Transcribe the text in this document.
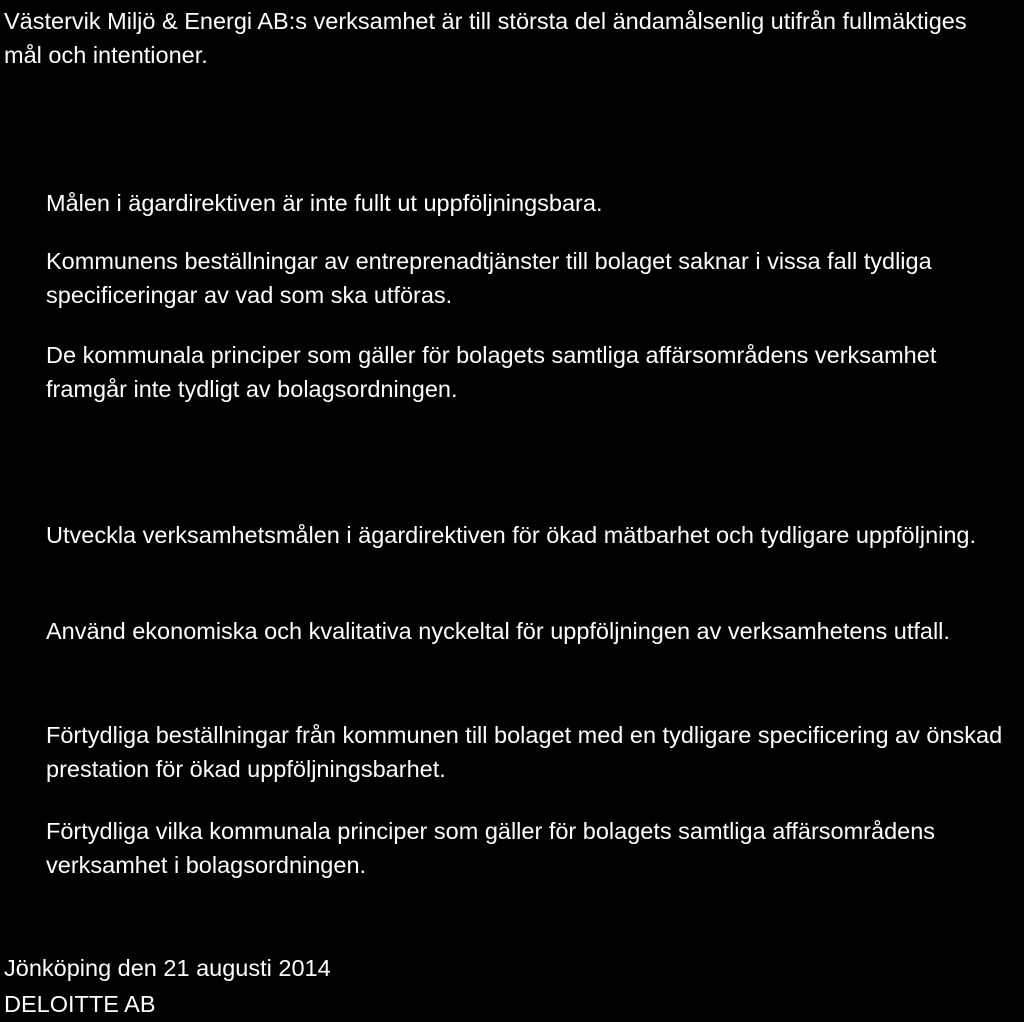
Västervik Miljö & Energi AB:s verksamhet är till största del ändamålsenlig utifrån fullmäktiges mål och intentioner.

Målen i ägardirektiven är inte fullt ut uppföljningsbara.

Kommunens beställningar av entreprenadtjänster till bolaget saknar i vissa fall tydliga specificeringar av vad som ska utföras.

De kommunala principer som gäller för bolagets samtliga affärsområdens verksamhet framgår inte tydligt av bolagsordningen.

Utveckla verksamhetsmålen i ägardirektiven för ökad mätbarhet och tydligare uppföljning.

Använd ekonomiska och kvalitativa nyckeltal för uppföljningen av verksamhetens utfall.

Förtydliga beställningar från kommunen till bolaget med en tydligare specificering av önskad prestation för ökad uppföljningsbarhet.

Förtydliga vilka kommunala principer som gäller för bolagets samtliga affärsområdens verksamhet i bolagsordningen.

Jönköping den 21 augusti 2014
DELOITTE AB
